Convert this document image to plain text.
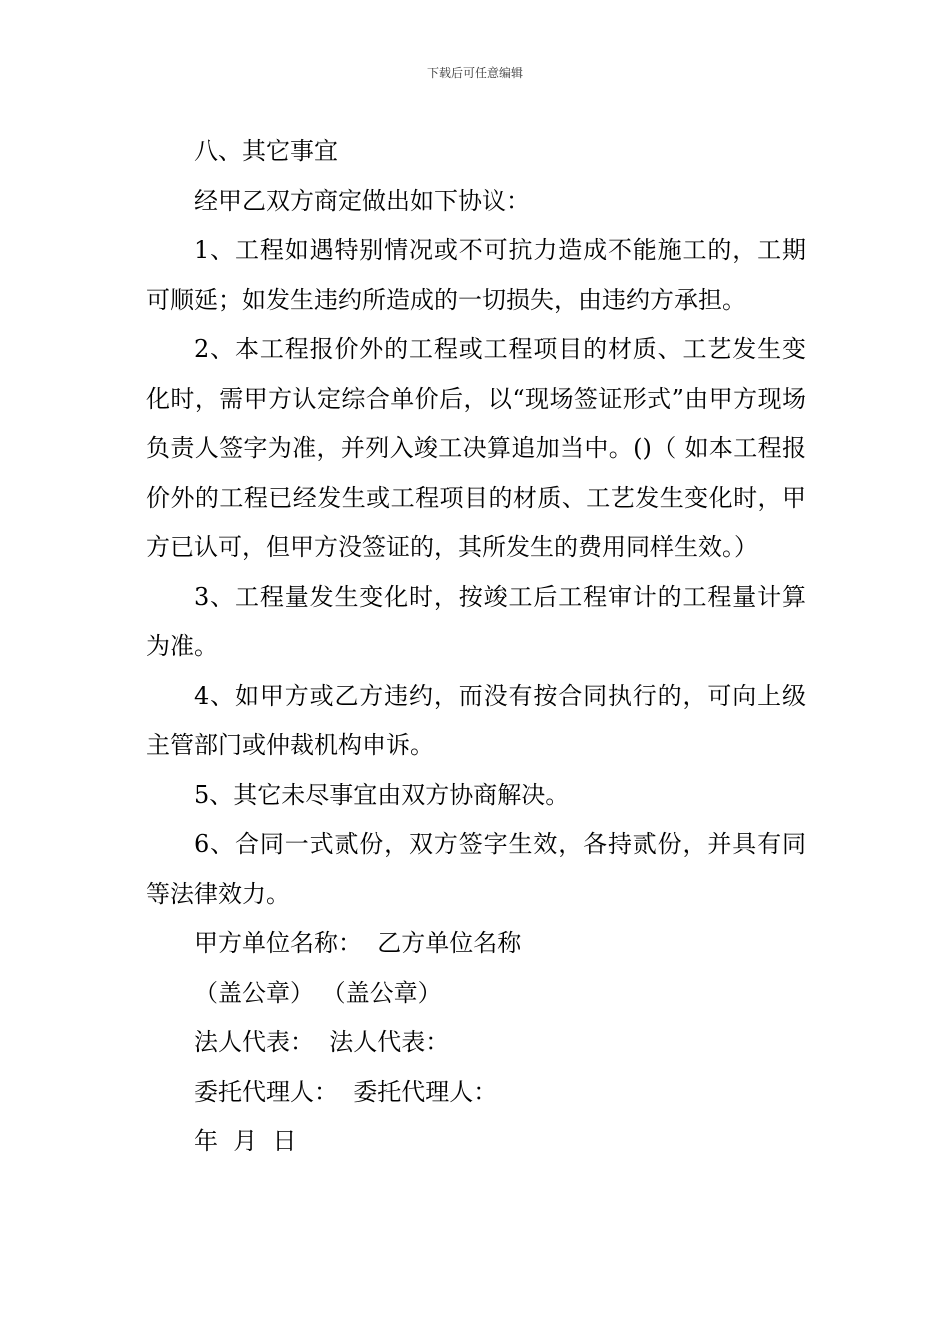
下载后可任意编辑

八、其它事宜

经甲乙双方商定做出如下协议：

1、工程如遇特别情况或不可抗力造成不能施工的，工期可顺延；如发生违约所造成的一切损失，由违约方承担。

2、本工程报价外的工程或工程项目的材质、工艺发生变化时，需甲方认定综合单价后，以“现场签证形式”由甲方现场负责人签字为准，并列入竣工决算追加当中。()（ 如本工程报价外的工程已经发生或工程项目的材质、工艺发生变化时，甲方已认可，但甲方没签证的，其所发生的费用同样生效。）

3、工程量发生变化时，按竣工后工程审计的工程量计算为准。

4、如甲方或乙方违约，而没有按合同执行的，可向上级主管部门或仲裁机构申诉。

5、其它未尽事宜由双方协商解决。

6、合同一式贰份，双方签字生效，各持贰份，并具有同等法律效力。

甲方单位名称：  乙方单位名称

（盖公章） （盖公章）

法人代表：  法人代表：

委托代理人：  委托代理人：

年  月  日
